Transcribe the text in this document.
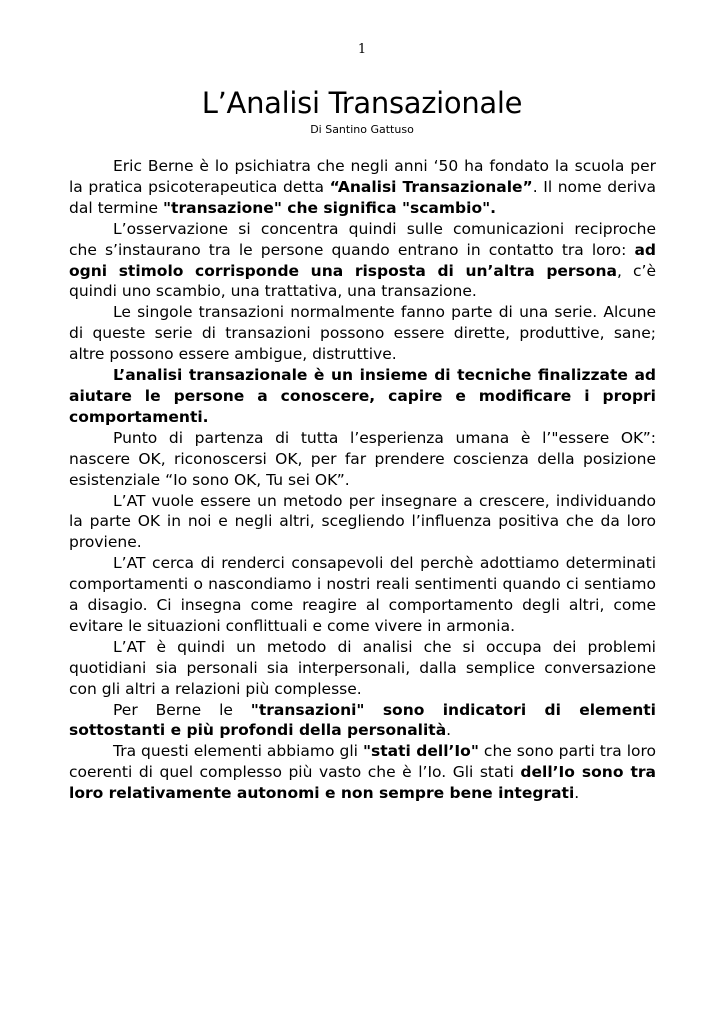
1
L’Analisi Transazionale
Di Santino Gattuso

Eric Berne è lo psichiatra che negli anni ‘50 ha fondato la scuola per la pratica psicoterapeutica detta “Analisi Transazionale”. Il nome deriva dal termine "transazione" che significa "scambio".

L’osservazione si concentra quindi sulle comunicazioni reciproche che s’instaurano tra le persone quando entrano in contatto tra loro: ad ogni stimolo corrisponde una risposta di un’altra persona, c’è quindi uno scambio, una trattativa, una transazione.

Le singole transazioni normalmente fanno parte di una serie. Alcune di queste serie di transazioni possono essere dirette, produttive, sane; altre possono essere ambigue, distruttive.

L’analisi transazionale è un insieme di tecniche finalizzate ad aiutare le persone a conoscere, capire e modificare i propri comportamenti.

Punto di partenza di tutta l’esperienza umana è l’"essere OK”: nascere OK, riconoscersi OK, per far prendere coscienza della posizione esistenziale “Io sono OK, Tu sei OK”.

L’AT vuole essere un metodo per insegnare a crescere, individuando la parte OK in noi e negli altri, scegliendo l’influenza positiva che da loro proviene.

L’AT cerca di renderci consapevoli del perchè adottiamo determinati comportamenti o nascondiamo i nostri reali sentimenti quando ci sentiamo a disagio. Ci insegna come reagire al comportamento degli altri, come evitare le situazioni conflittuali e come vivere in armonia.

L’AT è quindi un metodo di analisi che si occupa dei problemi quotidiani sia personali sia interpersonali, dalla semplice conversazione con gli altri a relazioni più complesse.

Per Berne le "transazioni" sono indicatori di elementi sottostanti e più profondi della personalità.

Tra questi elementi abbiamo gli "stati dell’Io" che sono parti tra loro coerenti di quel complesso più vasto che è l’Io. Gli stati dell’Io sono tra loro relativamente autonomi e non sempre bene integrati.
